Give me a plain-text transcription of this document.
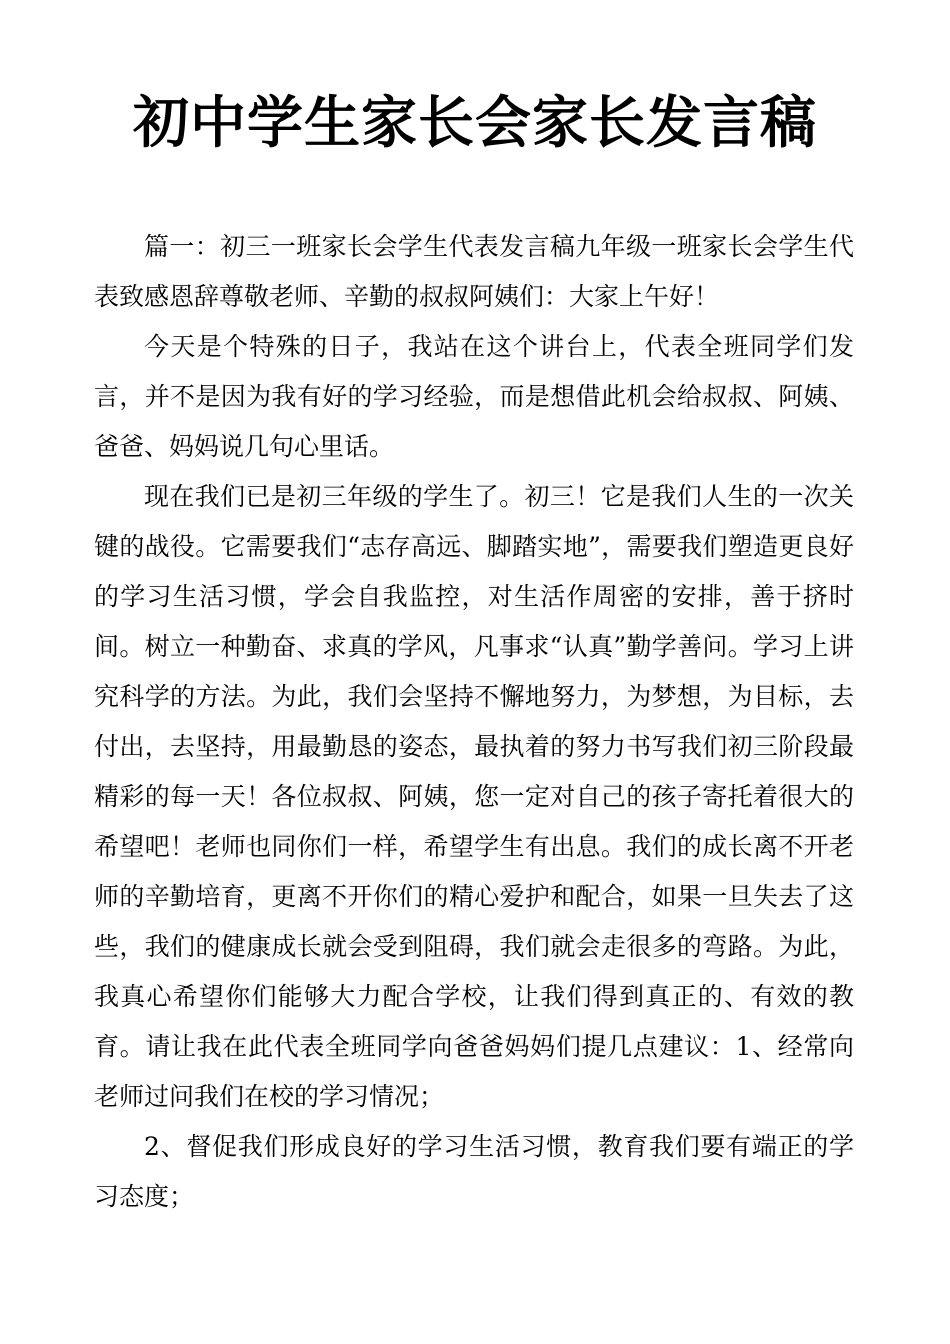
初中学生家长会家长发言稿

篇一：初三一班家长会学生代表发言稿九年级一班家长会学生代表致感恩辞尊敬老师、辛勤的叔叔阿姨们：大家上午好！

今天是个特殊的日子，我站在这个讲台上，代表全班同学们发言，并不是因为我有好的学习经验，而是想借此机会给叔叔、阿姨、爸爸、妈妈说几句心里话。

现在我们已是初三年级的学生了。初三！它是我们人生的一次关键的战役。它需要我们“志存高远、脚踏实地”，需要我们塑造更良好的学习生活习惯，学会自我监控，对生活作周密的安排，善于挤时间。树立一种勤奋、求真的学风，凡事求“认真”勤学善问。学习上讲究科学的方法。为此，我们会坚持不懈地努力，为梦想，为目标，去付出，去坚持，用最勤恳的姿态，最执着的努力书写我们初三阶段最精彩的每一天！各位叔叔、阿姨，您一定对自己的孩子寄托着很大的希望吧！老师也同你们一样，希望学生有出息。我们的成长离不开老师的辛勤培育，更离不开你们的精心爱护和配合，如果一旦失去了这些，我们的健康成长就会受到阻碍，我们就会走很多的弯路。为此，我真心希望你们能够大力配合学校，让我们得到真正的、有效的教育。请让我在此代表全班同学向爸爸妈妈们提几点建议：1、经常向老师过问我们在校的学习情况；

2、督促我们形成良好的学习生活习惯，教育我们要有端正的学习态度；
